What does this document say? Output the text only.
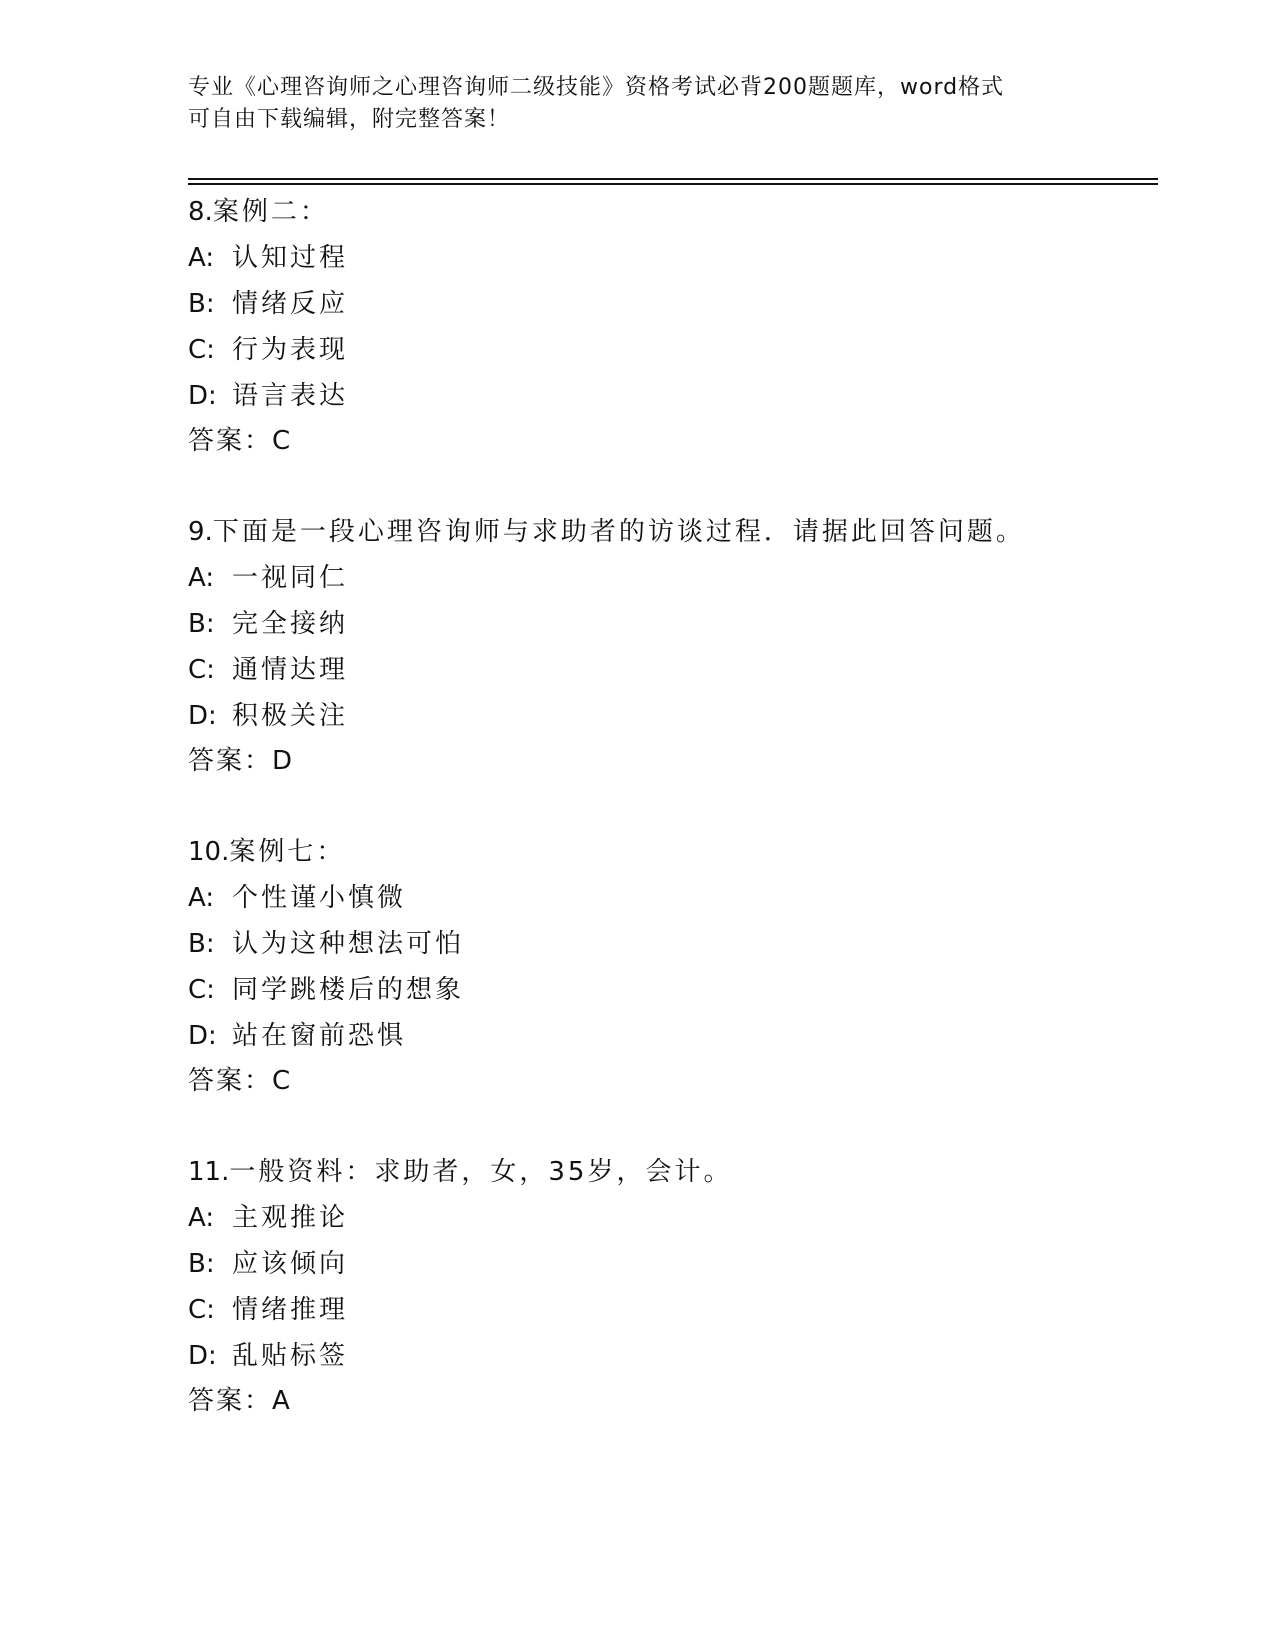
专业《心理咨询师之心理咨询师二级技能》资格考试必背200题题库，word格式
可自由下载编辑，附完整答案！
8.案例二：
A: 认知过程
B: 情绪反应
C: 行为表现
D: 语言表达
答案：C
9.下面是一段心理咨询师与求助者的访谈过程．请据此回答问题。
A: 一视同仁
B: 完全接纳
C: 通情达理
D: 积极关注
答案：D
10.案例七：
A: 个性谨小慎微
B: 认为这种想法可怕
C: 同学跳楼后的想象
D: 站在窗前恐惧
答案：C
11.一般资料：求助者，女，35岁，会计。
A: 主观推论
B: 应该倾向
C: 情绪推理
D: 乱贴标签
答案：A
